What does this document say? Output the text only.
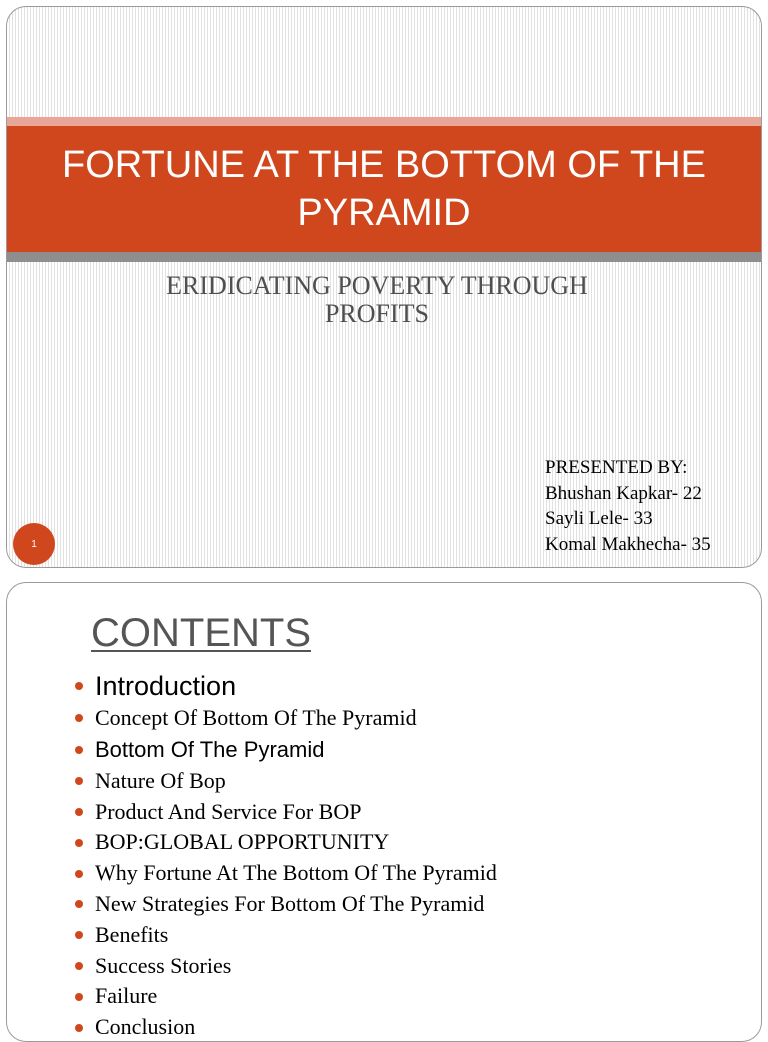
FORTUNE AT THE BOTTOM OF THE PYRAMID

ERIDICATING POVERTY THROUGH PROFITS

PRESENTED BY:
Bhushan Kapkar- 22
Sayli Lele- 33
Komal Makhecha- 35
1
CONTENTS
Introduction
Concept Of Bottom Of The Pyramid
Bottom Of The Pyramid
Nature Of Bop
Product And Service For BOP
BOP:GLOBAL OPPORTUNITY
Why Fortune At The Bottom Of The Pyramid
New Strategies For Bottom Of The Pyramid
Benefits
Success Stories
Failure
Conclusion
